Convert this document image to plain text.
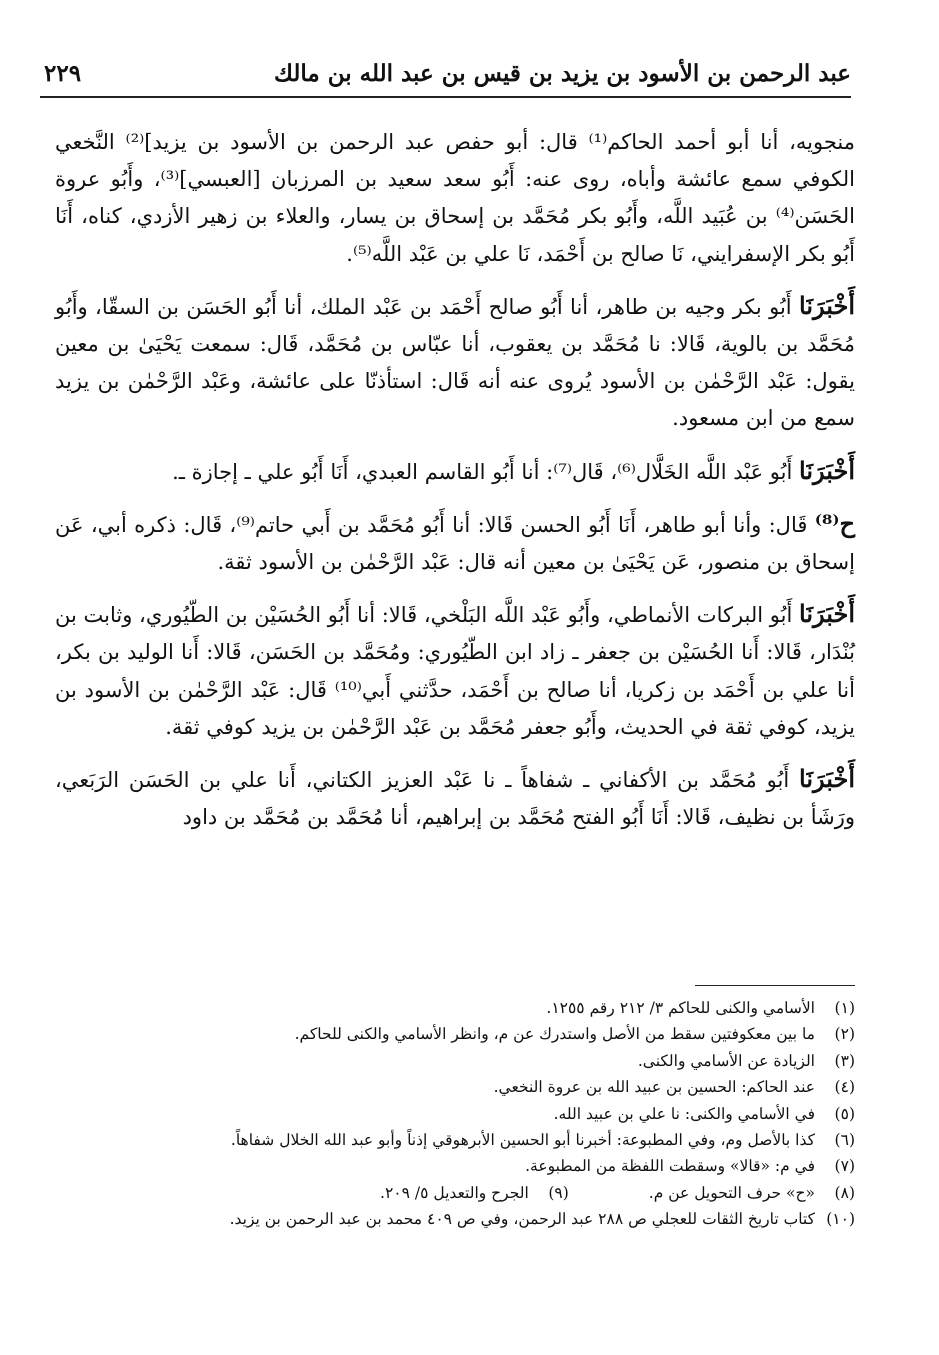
عبد الرحمن بن الأسود بن يزيد بن قيس بن عبد الله بن مالك
٢٢٩

منجويه، أنا أبو أحمد الحاكم⁽¹⁾ قال: أبو حفص عبد الرحمن بن الأسود بن يزيد]⁽²⁾ النَّخعي الكوفي سمع عائشة وأباه، روى عنه: أَبُو سعد سعيد بن المرزبان [العبسي]⁽³⁾، وأَبُو عروة الحَسَن⁽⁴⁾ بن عُبَيد اللَّه، وأَبُو بكر مُحَمَّد بن إسحاق بن يسار، والعلاء بن زهير الأزدي، كناه، أَنَا أَبُو بكر الإسفرايني، نَا صالح بن أَحْمَد، نَا علي بن عَبْد اللَّه⁽⁵⁾.

أَخْبَرَنَا أَبُو بكر وجيه بن طاهر، أنا أَبُو صالح أَحْمَد بن عَبْد الملك، أنا أَبُو الحَسَن بن السقّا، وأَبُو مُحَمَّد بن بالوية، قَالا: نا مُحَمَّد بن يعقوب، أنا عبّاس بن مُحَمَّد، قَال: سمعت يَحْيَىٰ بن معين يقول: عَبْد الرَّحْمٰن بن الأسود يُروى عنه أنه قَال: استأذنّا على عائشة، وعَبْد الرَّحْمٰن بن يزيد سمع من ابن مسعود.

أَخْبَرَنَا أَبُو عَبْد اللَّه الخَلَّال⁽⁶⁾، قَال⁽⁷⁾: أنا أَبُو القاسم العبدي، أَنَا أَبُو علي ـ إجازة ـ.

ح⁽⁸⁾ قَال: وأنا أبو طاهر، أَنَا أَبُو الحسن قَالا: أنا أَبُو مُحَمَّد بن أَبي حاتم⁽⁹⁾، قَال: ذكره أبي، عَن إسحاق بن منصور، عَن يَحْيَىٰ بن معين أنه قال: عَبْد الرَّحْمٰن بن الأسود ثقة.

أَخْبَرَنَا أَبُو البركات الأنماطي، وأَبُو عَبْد اللَّه البَلْخي، قَالا: أنا أَبُو الحُسَيْن بن الطّيُوري، وثابت بن بُنْدَار، قَالا: أَنا الحُسَيْن بن جعفر ـ زاد ابن الطّيُوري: ومُحَمَّد بن الحَسَن، قَالا: أَنا الوليد بن بكر، أنا علي بن أَحْمَد بن زكريا، أنا صالح بن أَحْمَد، حدَّثني أَبي⁽¹⁰⁾ قَال: عَبْد الرَّحْمٰن بن الأسود بن يزيد، كوفي ثقة في الحديث، وأَبُو جعفر مُحَمَّد بن عَبْد الرَّحْمٰن بن يزيد كوفي ثقة.

أَخْبَرَنَا أَبُو مُحَمَّد بن الأكفاني ـ شفاهاً ـ نا عَبْد العزيز الكتاني، أَنا علي بن الحَسَن الرَبَعي، ورَشَأ بن نظيف، قَالا: أَنَا أَبُو الفتح مُحَمَّد بن إبراهيم، أنا مُحَمَّد بن مُحَمَّد بن داود

(١)
الأسامي والكنى للحاكم ٣/ ٢١٢ رقم ١٢٥٥.
(٢)
ما بين معكوفتين سقط من الأصل واستدرك عن م، وانظر الأسامي والكنى للحاكم.
(٣)
الزيادة عن الأسامي والكنى.
(٤)
عند الحاكم: الحسين بن عبيد الله بن عروة النخعي.
(٥)
في الأسامي والكنى: نا علي بن عبيد الله.
(٦)
كذا بالأصل وم، وفي المطبوعة: أخبرنا أبو الحسين الأبرهوقي إذناً وأبو عبد الله الخلال شفاهاً.
(٧)
في م: «قالا» وسقطت اللفظة من المطبوعة.
(٨)
«ح» حرف التحويل عن م.
(٩)الجرح والتعديل ٥/ ٢٠٩.
(١٠)
كتاب تاريخ الثقات للعجلي ص ٢٨٨ عبد الرحمن، وفي ص ٤٠٩ محمد بن عبد الرحمن بن يزيد.
